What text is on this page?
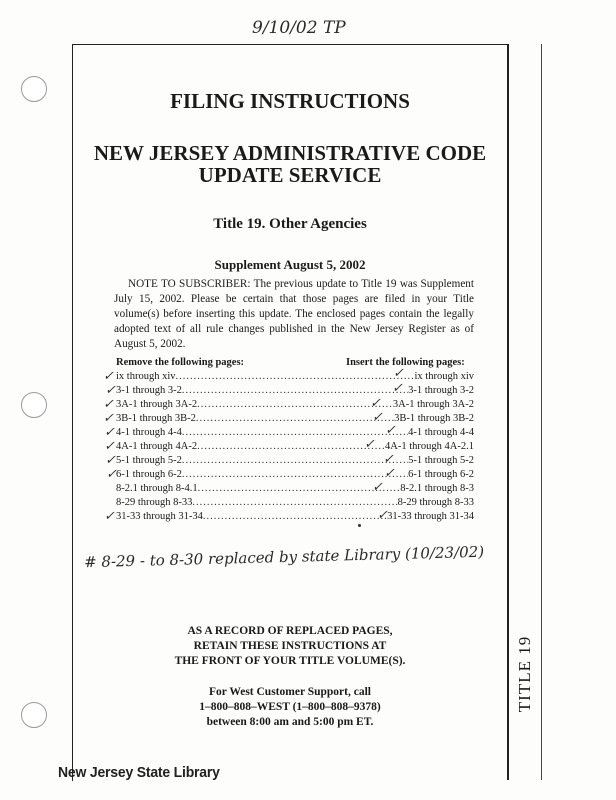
TITLE 19
9/10/02 TP
FILING INSTRUCTIONS
NEW JERSEY ADMINISTRATIVE CODE
UPDATE SERVICE
Title 19. Other Agencies
Supplement August 5, 2002
NOTE TO SUBSCRIBER: The previous update to Title 19 was Supplement July 15, 2002. Please be certain that those pages are filed in your Title volume(s) before inserting this update. The enclosed pages contain the legally adopted text of all rule changes published in the New Jersey Register as of August 5, 2002.
Remove the following pages:	Insert the following pages:
ix through xiv .....	ix through xiv
3-1 through 3-2 .....	3-1 through 3-2
3A-1 through 3A-2 .....	3A-1 through 3A-2
3B-1 through 3B-2 .....	3B-1 through 3B-2
4-1 through 4-4 .....	4-1 through 4-4
4A-1 through 4A-2 .....	4A-1 through 4A-2.1
5-1 through 5-2 .....	5-1 through 5-2
6-1 through 6-2 .....	6-1 through 6-2
8-2.1 through 8-4.1 .....	8-2.1 through 8-3
8-29 through 8-33 .....	8-29 through 8-33
31-33 through 31-34 .....	31-33 through 31-34
✓
✓
✓
✓
✓
✓
✓
✓
✓
✓
✓
✓
✓
✓
✓
✓
✓
✓
✓
# 8-29 - to 8-30 replaced by state Library (10/23/02)
AS A RECORD OF REPLACED PAGES,
RETAIN THESE INSTRUCTIONS AT
THE FRONT OF YOUR TITLE VOLUME(S).
For West Customer Support, call
1–800–808–WEST (1–800–808–9378)
between 8:00 am and 5:00 pm ET.
New Jersey State Library
